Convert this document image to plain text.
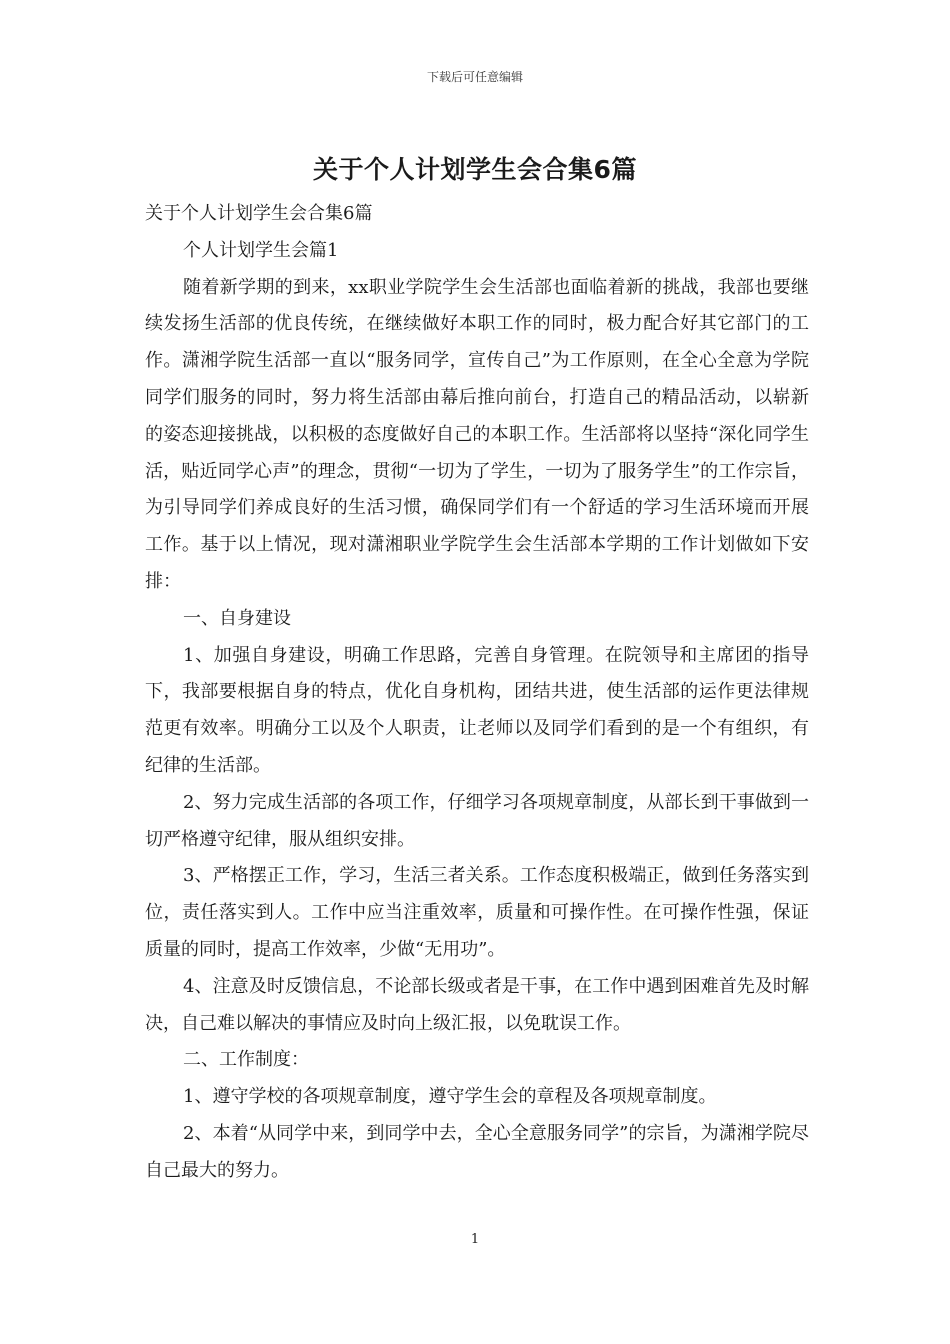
下载后可任意编辑
关于个人计划学生会合集6篇

关于个人计划学生会合集6篇

个人计划学生会篇1

随着新学期的到来，xx职业学院学生会生活部也面临着新的挑战，我部也要继续发扬生活部的优良传统，在继续做好本职工作的同时，极力配合好其它部门的工作。潇湘学院生活部一直以“服务同学，宣传自己”为工作原则，在全心全意为学院同学们服务的同时，努力将生活部由幕后推向前台，打造自己的精品活动，以崭新的姿态迎接挑战，以积极的态度做好自己的本职工作。生活部将以坚持“深化同学生活，贴近同学心声”的理念，贯彻“一切为了学生，一切为了服务学生”的工作宗旨，为引导同学们养成良好的生活习惯，确保同学们有一个舒适的学习生活环境而开展工作。基于以上情况，现对潇湘职业学院学生会生活部本学期的工作计划做如下安排：

一、自身建设

1、加强自身建设，明确工作思路，完善自身管理。在院领导和主席团的指导下，我部要根据自身的特点，优化自身机构，团结共进，使生活部的运作更法律规范更有效率。明确分工以及个人职责，让老师以及同学们看到的是一个有组织，有纪律的生活部。

2、努力完成生活部的各项工作，仔细学习各项规章制度，从部长到干事做到一切严格遵守纪律，服从组织安排。

3、严格摆正工作，学习，生活三者关系。工作态度积极端正，做到任务落实到位，责任落实到人。工作中应当注重效率，质量和可操作性。在可操作性强，保证质量的同时，提高工作效率，少做“无用功”。

4、注意及时反馈信息，不论部长级或者是干事，在工作中遇到困难首先及时解决，自己难以解决的事情应及时向上级汇报，以免耽误工作。

二、工作制度：

1、遵守学校的各项规章制度，遵守学生会的章程及各项规章制度。

2、本着“从同学中来，到同学中去，全心全意服务同学”的宗旨，为潇湘学院尽自己最大的努力。

1
